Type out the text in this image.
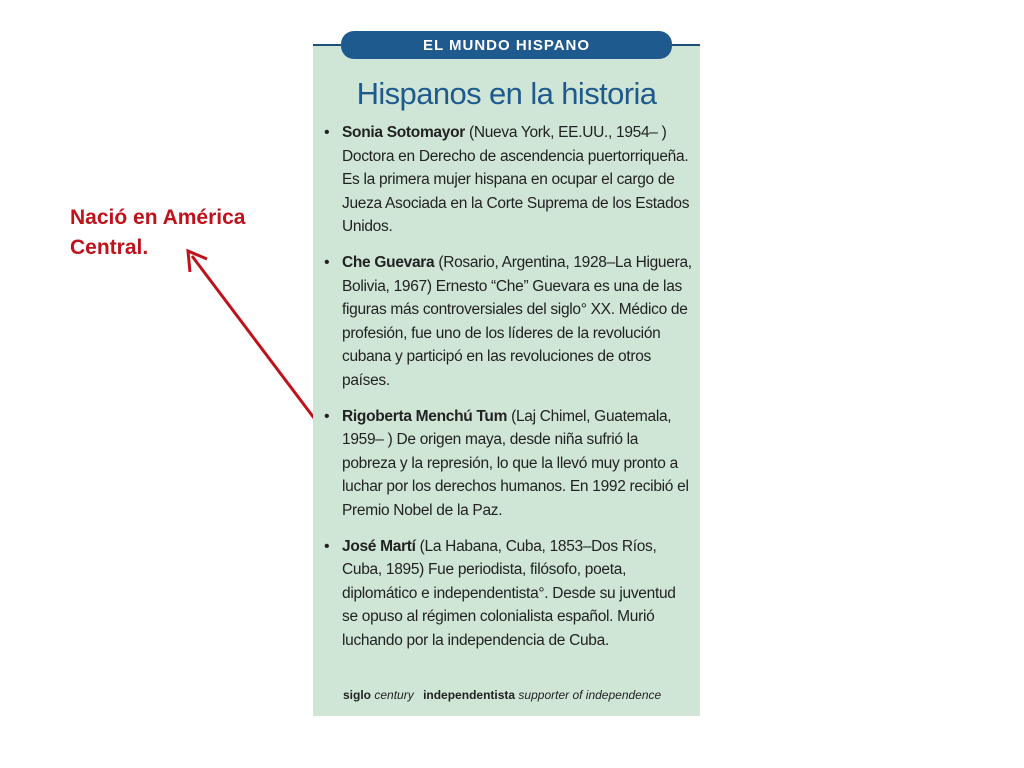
Nació en América
Central.
EL MUNDO HISPANO
Hispanos en la historia
• Sonia Sotomayor (Nueva York, EE.UU., 1954– ) Doctora en Derecho de ascendencia puertorriqueña. Es la primera mujer hispana en ocupar el cargo de Jueza Asociada en la Corte Suprema de los Estados Unidos.
• Che Guevara (Rosario, Argentina, 1928–La Higuera, Bolivia, 1967) Ernesto “Che” Guevara es una de las figuras más controversiales del siglo° XX. Médico de profesión, fue uno de los líderes de la revolución cubana y participó en las revoluciones de otros países.
• Rigoberta Menchú Tum (Laj Chimel, Guatemala, 1959– ) De origen maya, desde niña sufrió la pobreza y la represión, lo que la llevó muy pronto a luchar por los derechos humanos. En 1992 recibió el Premio Nobel de la Paz.
• José Martí (La Habana, Cuba, 1853–Dos Ríos, Cuba, 1895) Fue periodista, filósofo, poeta, diplomático e independentista°. Desde su juventud se opuso al régimen colonialista español. Murió luchando por la independencia de Cuba.
siglo century independentista supporter of independence
